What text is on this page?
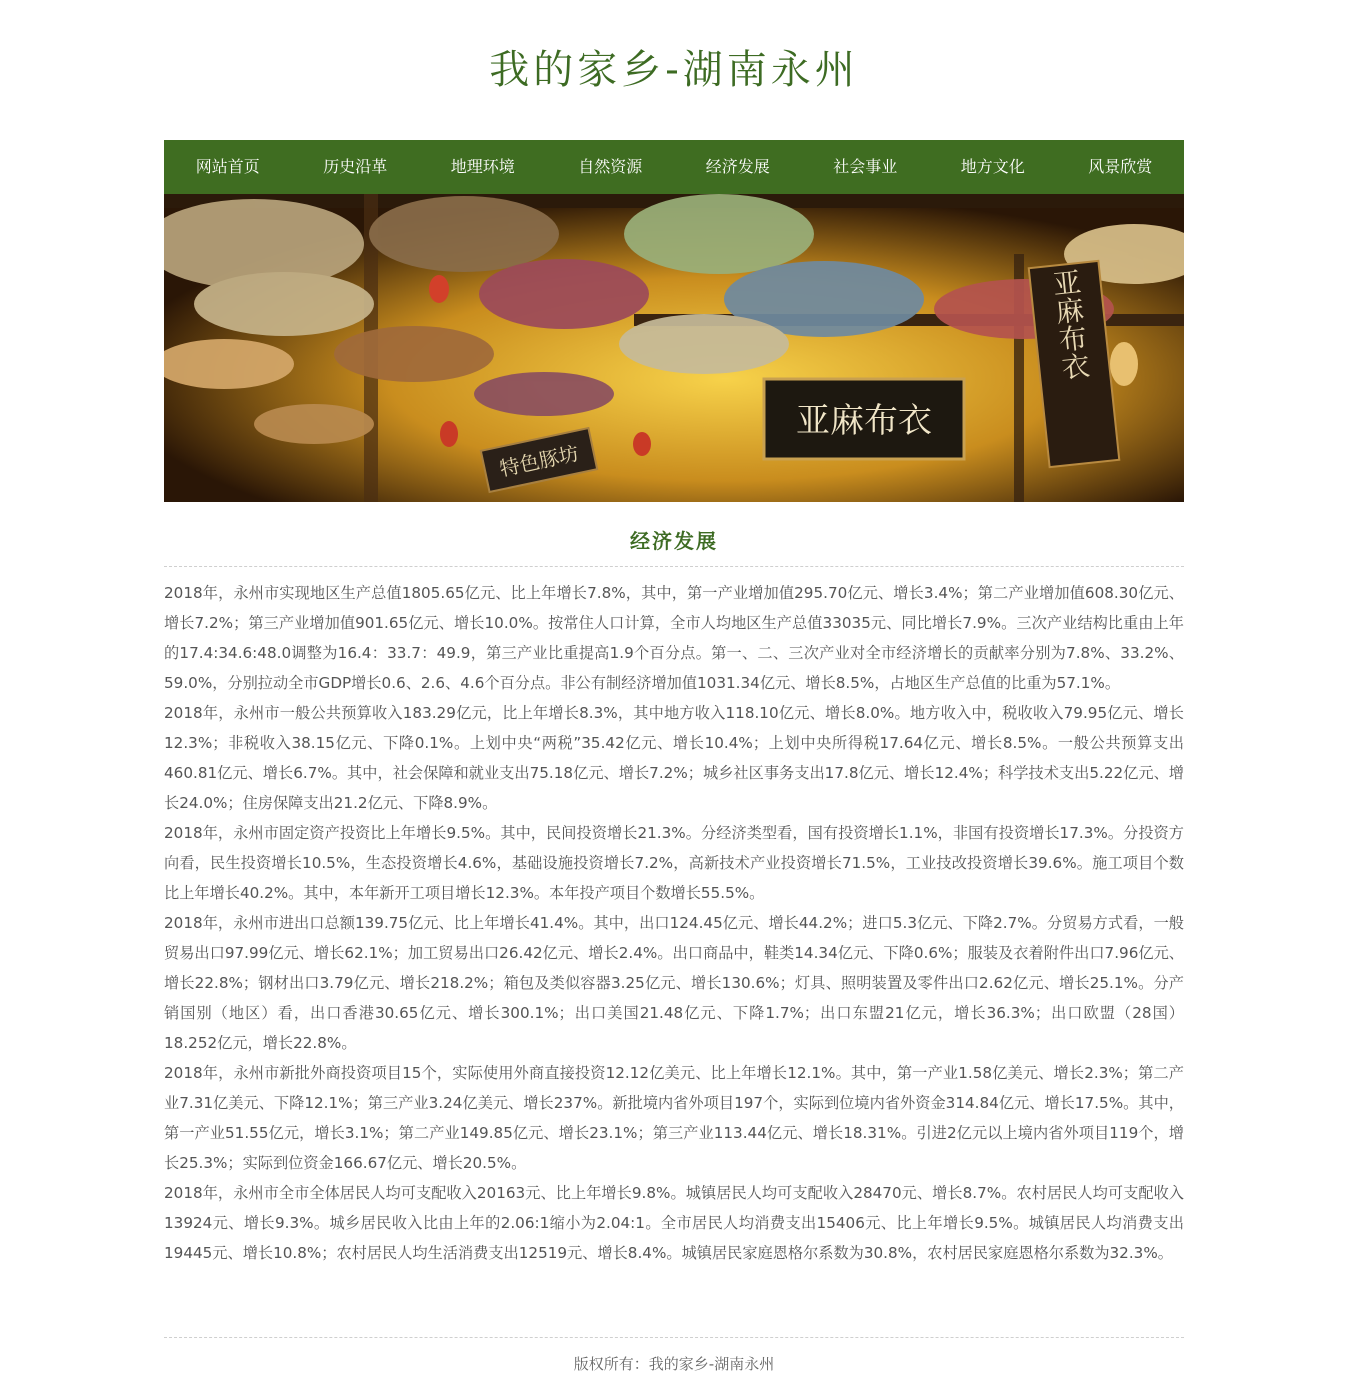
我的家乡-湖南永州
网站首页	历史沿革	地理环境	自然资源	经济发展	社会事业	地方文化	风景欣赏
亚麻布衣
亚麻布衣
特色豚坊
经济发展

2018年，永州市实现地区生产总值1805.65亿元、比上年增长7.8%，其中，第一产业增加值295.70亿元、增长3.4%；第二产业增加值608.30亿元、增长7.2%；第三产业增加值901.65亿元、增长10.0%。按常住人口计算，全市人均地区生产总值33035元、同比增长7.9%。三次产业结构比重由上年的17.4:34.6:48.0调整为16.4：33.7：49.9，第三产业比重提高1.9个百分点。第一、二、三次产业对全市经济增长的贡献率分别为7.8%、33.2%、59.0%，分别拉动全市GDP增长0.6、2.6、4.6个百分点。非公有制经济增加值1031.34亿元、增长8.5%，占地区生产总值的比重为57.1%。

2018年，永州市一般公共预算收入183.29亿元，比上年增长8.3%，其中地方收入118.10亿元、增长8.0%。地方收入中，税收收入79.95亿元、增长12.3%；非税收入38.15亿元、下降0.1%。上划中央“两税”35.42亿元、增长10.4%；上划中央所得税17.64亿元、增长8.5%。一般公共预算支出460.81亿元、增长6.7%。其中，社会保障和就业支出75.18亿元、增长7.2%；城乡社区事务支出17.8亿元、增长12.4%；科学技术支出5.22亿元、增长24.0%；住房保障支出21.2亿元、下降8.9%。

2018年，永州市固定资产投资比上年增长9.5%。其中，民间投资增长21.3%。分经济类型看，国有投资增长1.1%，非国有投资增长17.3%。分投资方向看，民生投资增长10.5%，生态投资增长4.6%，基础设施投资增长7.2%，高新技术产业投资增长71.5%，工业技改投资增长39.6%。施工项目个数比上年增长40.2%。其中，本年新开工项目增长12.3%。本年投产项目个数增长55.5%。

2018年，永州市进出口总额139.75亿元、比上年增长41.4%。其中，出口124.45亿元、增长44.2%；进口5.3亿元、下降2.7%。分贸易方式看，一般贸易出口97.99亿元、增长62.1%；加工贸易出口26.42亿元、增长2.4%。出口商品中，鞋类14.34亿元、下降0.6%；服装及衣着附件出口7.96亿元、增长22.8%；钢材出口3.79亿元、增长218.2%；箱包及类似容器3.25亿元、增长130.6%；灯具、照明装置及零件出口2.62亿元、增长25.1%。分产销国别（地区）看，出口香港30.65亿元、增长300.1%；出口美国21.48亿元、下降1.7%；出口东盟21亿元，增长36.3%；出口欧盟（28国）18.252亿元，增长22.8%。

2018年，永州市新批外商投资项目15个，实际使用外商直接投资12.12亿美元、比上年增长12.1%。其中，第一产业1.58亿美元、增长2.3%；第二产业7.31亿美元、下降12.1%；第三产业3.24亿美元、增长237%。新批境内省外项目197个，实际到位境内省外资金314.84亿元、增长17.5%。其中，第一产业51.55亿元，增长3.1%；第二产业149.85亿元、增长23.1%；第三产业113.44亿元、增长18.31%。引进2亿元以上境内省外项目119个，增长25.3%；实际到位资金166.67亿元、增长20.5%。

2018年，永州市全市全体居民人均可支配收入20163元、比上年增长9.8%。城镇居民人均可支配收入28470元、增长8.7%。农村居民人均可支配收入13924元、增长9.3%。城乡居民收入比由上年的2.06:1缩小为2.04:1。全市居民人均消费支出15406元、比上年增长9.5%。城镇居民人均消费支出19445元、增长10.8%；农村居民人均生活消费支出12519元、增长8.4%。城镇居民家庭恩格尔系数为30.8%，农村居民家庭恩格尔系数为32.3%。

版权所有：我的家乡-湖南永州
